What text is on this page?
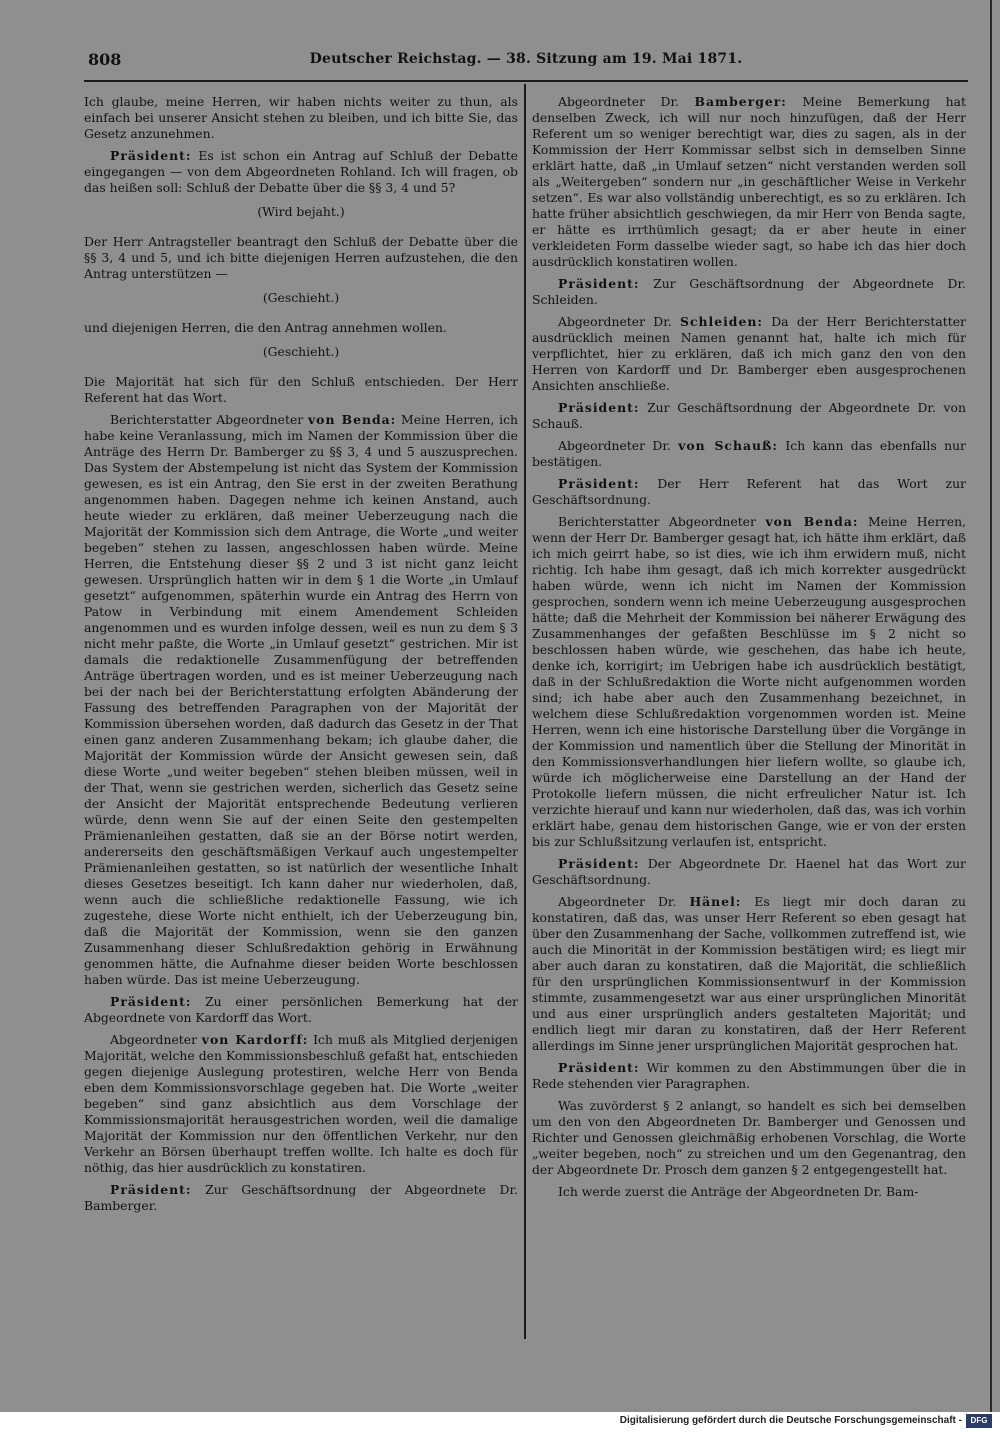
808	Deutscher Reichstag. — 38. Sitzung am 19. Mai 1871.

Ich glaube, meine Herren, wir haben nichts weiter zu thun, als einfach bei unserer Ansicht stehen zu bleiben, und ich bitte Sie, das Gesetz anzunehmen.

Präsident: Es ist schon ein Antrag auf Schluß der Debatte eingegangen — von dem Abgeordneten Rohland. Ich will fragen, ob das heißen soll: Schluß der Debatte über die §§ 3, 4 und 5?

(Wird bejaht.)

Der Herr Antragsteller beantragt den Schluß der Debatte über die §§ 3, 4 und 5, und ich bitte diejenigen Herren aufzustehen, die den Antrag unterstützen —

(Geschieht.)

und diejenigen Herren, die den Antrag annehmen wollen.

(Geschieht.)

Die Majorität hat sich für den Schluß entschieden. Der Herr Referent hat das Wort.

Berichterstatter Abgeordneter von Benda: Meine Herren, ich habe keine Veranlassung, mich im Namen der Kommission über die Anträge des Herrn Dr. Bamberger zu §§ 3, 4 und 5 auszusprechen. Das System der Abstempelung ist nicht das System der Kommission gewesen, es ist ein Antrag, den Sie erst in der zweiten Berathung angenommen haben. Dagegen nehme ich keinen Anstand, auch heute wieder zu erklären, daß meiner Ueberzeugung nach die Majorität der Kommission sich dem Antrage, die Worte „und weiter begeben“ stehen zu lassen, angeschlossen haben würde. Meine Herren, die Entstehung dieser §§ 2 und 3 ist nicht ganz leicht gewesen. Ursprünglich hatten wir in dem § 1 die Worte „in Umlauf gesetzt“ aufgenommen, späterhin wurde ein Antrag des Herrn von Patow in Verbindung mit einem Amendement Schleiden angenommen und es wurden infolge dessen, weil es nun zu dem § 3 nicht mehr paßte, die Worte „in Umlauf gesetzt“ gestrichen. Mir ist damals die redaktionelle Zusammenfügung der betreffenden Anträge übertragen worden, und es ist meiner Ueberzeugung nach bei der nach bei der Berichterstattung erfolgten Abänderung der Fassung des betreffenden Paragraphen von der Majorität der Kommission übersehen worden, daß dadurch das Gesetz in der That einen ganz anderen Zusammenhang bekam; ich glaube daher, die Majorität der Kommission würde der Ansicht gewesen sein, daß diese Worte „und weiter begeben“ stehen bleiben müssen, weil in der That, wenn sie gestrichen werden, sicherlich das Gesetz seine der Ansicht der Majorität entsprechende Bedeutung verlieren würde, denn wenn Sie auf der einen Seite den gestempelten Prämienanleihen gestatten, daß sie an der Börse notirt werden, andererseits den geschäftsmäßigen Verkauf auch ungestempelter Prämienanleihen gestatten, so ist natürlich der wesentliche Inhalt dieses Gesetzes beseitigt. Ich kann daher nur wiederholen, daß, wenn auch die schließliche redaktionelle Fassung, wie ich zugestehe, diese Worte nicht enthielt, ich der Ueberzeugung bin, daß die Majorität der Kommission, wenn sie den ganzen Zusammenhang dieser Schlußredaktion gehörig in Erwähnung genommen hätte, die Aufnahme dieser beiden Worte beschlossen haben würde. Das ist meine Ueberzeugung.

Präsident: Zu einer persönlichen Bemerkung hat der Abgeordnete von Kardorff das Wort.

Abgeordneter von Kardorff: Ich muß als Mitglied derjenigen Majorität, welche den Kommissionsbeschluß gefaßt hat, entschieden gegen diejenige Auslegung protestiren, welche Herr von Benda eben dem Kommissionsvorschlage gegeben hat. Die Worte „weiter begeben“ sind ganz absichtlich aus dem Vorschlage der Kommissionsmajorität herausgestrichen worden, weil die damalige Majorität der Kommission nur den öffentlichen Verkehr, nur den Verkehr an Börsen überhaupt treffen wollte. Ich halte es doch für nöthig, das hier ausdrücklich zu konstatiren.

Präsident: Zur Geschäftsordnung der Abgeordnete Dr. Bamberger.

Abgeordneter Dr. Bamberger: Meine Bemerkung hat denselben Zweck, ich will nur noch hinzufügen, daß der Herr Referent um so weniger berechtigt war, dies zu sagen, als in der Kommission der Herr Kommissar selbst sich in demselben Sinne erklärt hatte, daß „in Umlauf setzen“ nicht verstanden werden soll als „Weitergeben“ sondern nur „in geschäftlicher Weise in Verkehr setzen“. Es war also vollständig unberechtigt, es so zu erklären. Ich hatte früher absichtlich geschwiegen, da mir Herr von Benda sagte, er hätte es irrthümlich gesagt; da er aber heute in einer verkleideten Form dasselbe wieder sagt, so habe ich das hier doch ausdrücklich konstatiren wollen.

Präsident: Zur Geschäftsordnung der Abgeordnete Dr. Schleiden.

Abgeordneter Dr. Schleiden: Da der Herr Berichterstatter ausdrücklich meinen Namen genannt hat, halte ich mich für verpflichtet, hier zu erklären, daß ich mich ganz den von den Herren von Kardorff und Dr. Bamberger eben ausgesprochenen Ansichten anschließe.

Präsident: Zur Geschäftsordnung der Abgeordnete Dr. von Schauß.

Abgeordneter Dr. von Schauß: Ich kann das ebenfalls nur bestätigen.

Präsident: Der Herr Referent hat das Wort zur Geschäftsordnung.

Berichterstatter Abgeordneter von Benda: Meine Herren, wenn der Herr Dr. Bamberger gesagt hat, ich hätte ihm erklärt, daß ich mich geirrt habe, so ist dies, wie ich ihm erwidern muß, nicht richtig. Ich habe ihm gesagt, daß ich mich korrekter ausgedrückt haben würde, wenn ich nicht im Namen der Kommission gesprochen, sondern wenn ich meine Ueberzeugung ausgesprochen hätte; daß die Mehrheit der Kommission bei näherer Erwägung des Zusammenhanges der gefaßten Beschlüsse im § 2 nicht so beschlossen haben würde, wie geschehen, das habe ich heute, denke ich, korrigirt; im Uebrigen habe ich ausdrücklich bestätigt, daß in der Schlußredaktion die Worte nicht aufgenommen worden sind; ich habe aber auch den Zusammenhang bezeichnet, in welchem diese Schlußredaktion vorgenommen worden ist. Meine Herren, wenn ich eine historische Darstellung über die Vorgänge in der Kommission und namentlich über die Stellung der Minorität in den Kommissionsverhandlungen hier liefern wollte, so glaube ich, würde ich möglicherweise eine Darstellung an der Hand der Protokolle liefern müssen, die nicht erfreulicher Natur ist. Ich verzichte hierauf und kann nur wiederholen, daß das, was ich vorhin erklärt habe, genau dem historischen Gange, wie er von der ersten bis zur Schlußsitzung verlaufen ist, entspricht.

Präsident: Der Abgeordnete Dr. Haenel hat das Wort zur Geschäftsordnung.

Abgeordneter Dr. Hänel: Es liegt mir doch daran zu konstatiren, daß das, was unser Herr Referent so eben gesagt hat über den Zusammenhang der Sache, vollkommen zutreffend ist, wie auch die Minorität in der Kommission bestätigen wird; es liegt mir aber auch daran zu konstatiren, daß die Majorität, die schließlich für den ursprünglichen Kommissionsentwurf in der Kommission stimmte, zusammengesetzt war aus einer ursprünglichen Minorität und aus einer ursprünglich anders gestalteten Majorität; und endlich liegt mir daran zu konstatiren, daß der Herr Referent allerdings im Sinne jener ursprünglichen Majorität gesprochen hat.

Präsident: Wir kommen zu den Abstimmungen über die in Rede stehenden vier Paragraphen.

Was zuvörderst § 2 anlangt, so handelt es sich bei demselben um den von den Abgeordneten Dr. Bamberger und Genossen und Richter und Genossen gleichmäßig erhobenen Vorschlag, die Worte „weiter begeben, noch“ zu streichen und um den Gegenantrag, den der Abgeordnete Dr. Prosch dem ganzen § 2 entgegengestellt hat.

Ich werde zuerst die Anträge der Abgeordneten Dr. Bam-

Digitalisierung gefördert durch die Deutsche Forschungsgemeinschaft -	DFG
